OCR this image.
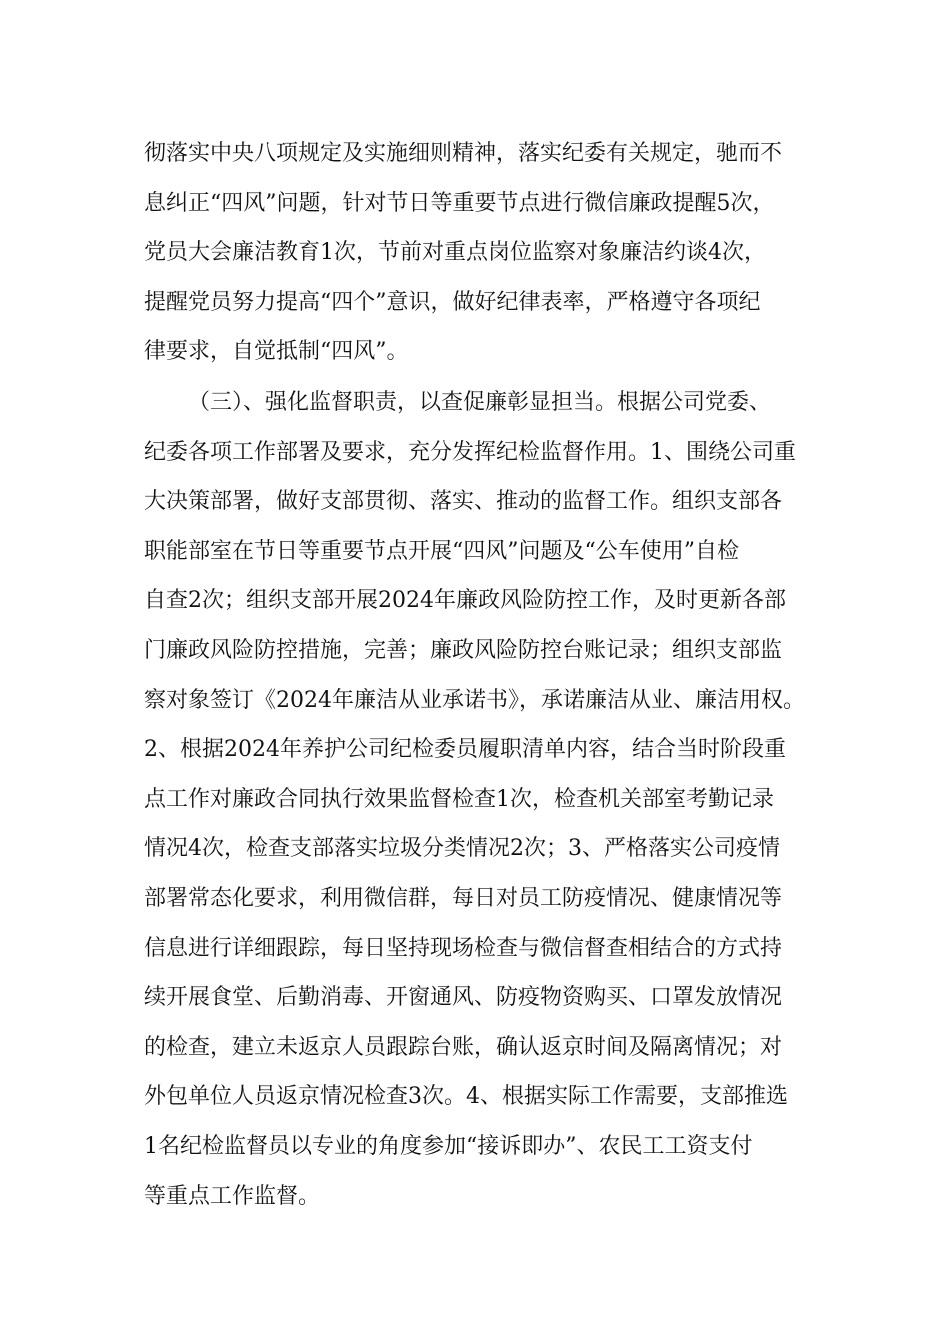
彻落实中央八项规定及实施细则精神，落实纪委有关规定，驰而不
息纠正“四风”问题，针对节日等重要节点进行微信廉政提醒5次，
党员大会廉洁教育1次，节前对重点岗位监察对象廉洁约谈4次，
提醒党员努力提高“四个”意识，做好纪律表率，严格遵守各项纪
律要求，自觉抵制“四风”。
（三）、强化监督职责，以查促廉彰显担当。根据公司党委、
纪委各项工作部署及要求，充分发挥纪检监督作用。1、围绕公司重
大决策部署，做好支部贯彻、落实、推动的监督工作。组织支部各
职能部室在节日等重要节点开展“四风”问题及“公车使用”自检
自查2次；组织支部开展2024年廉政风险防控工作，及时更新各部
门廉政风险防控措施，完善；廉政风险防控台账记录；组织支部监
察对象签订《2024年廉洁从业承诺书》，承诺廉洁从业、廉洁用权。
2、根据2024年养护公司纪检委员履职清单内容，结合当时阶段重
点工作对廉政合同执行效果监督检查1次，检查机关部室考勤记录
情况4次，检查支部落实垃圾分类情况2次；3、严格落实公司疫情
部署常态化要求，利用微信群，每日对员工防疫情况、健康情况等
信息进行详细跟踪，每日坚持现场检查与微信督查相结合的方式持
续开展食堂、后勤消毒、开窗通风、防疫物资购买、口罩发放情况
的检查，建立未返京人员跟踪台账，确认返京时间及隔离情况；对
外包单位人员返京情况检查3次。4、根据实际工作需要，支部推选
1名纪检监督员以专业的角度参加“接诉即办”、农民工工资支付
等重点工作监督。
